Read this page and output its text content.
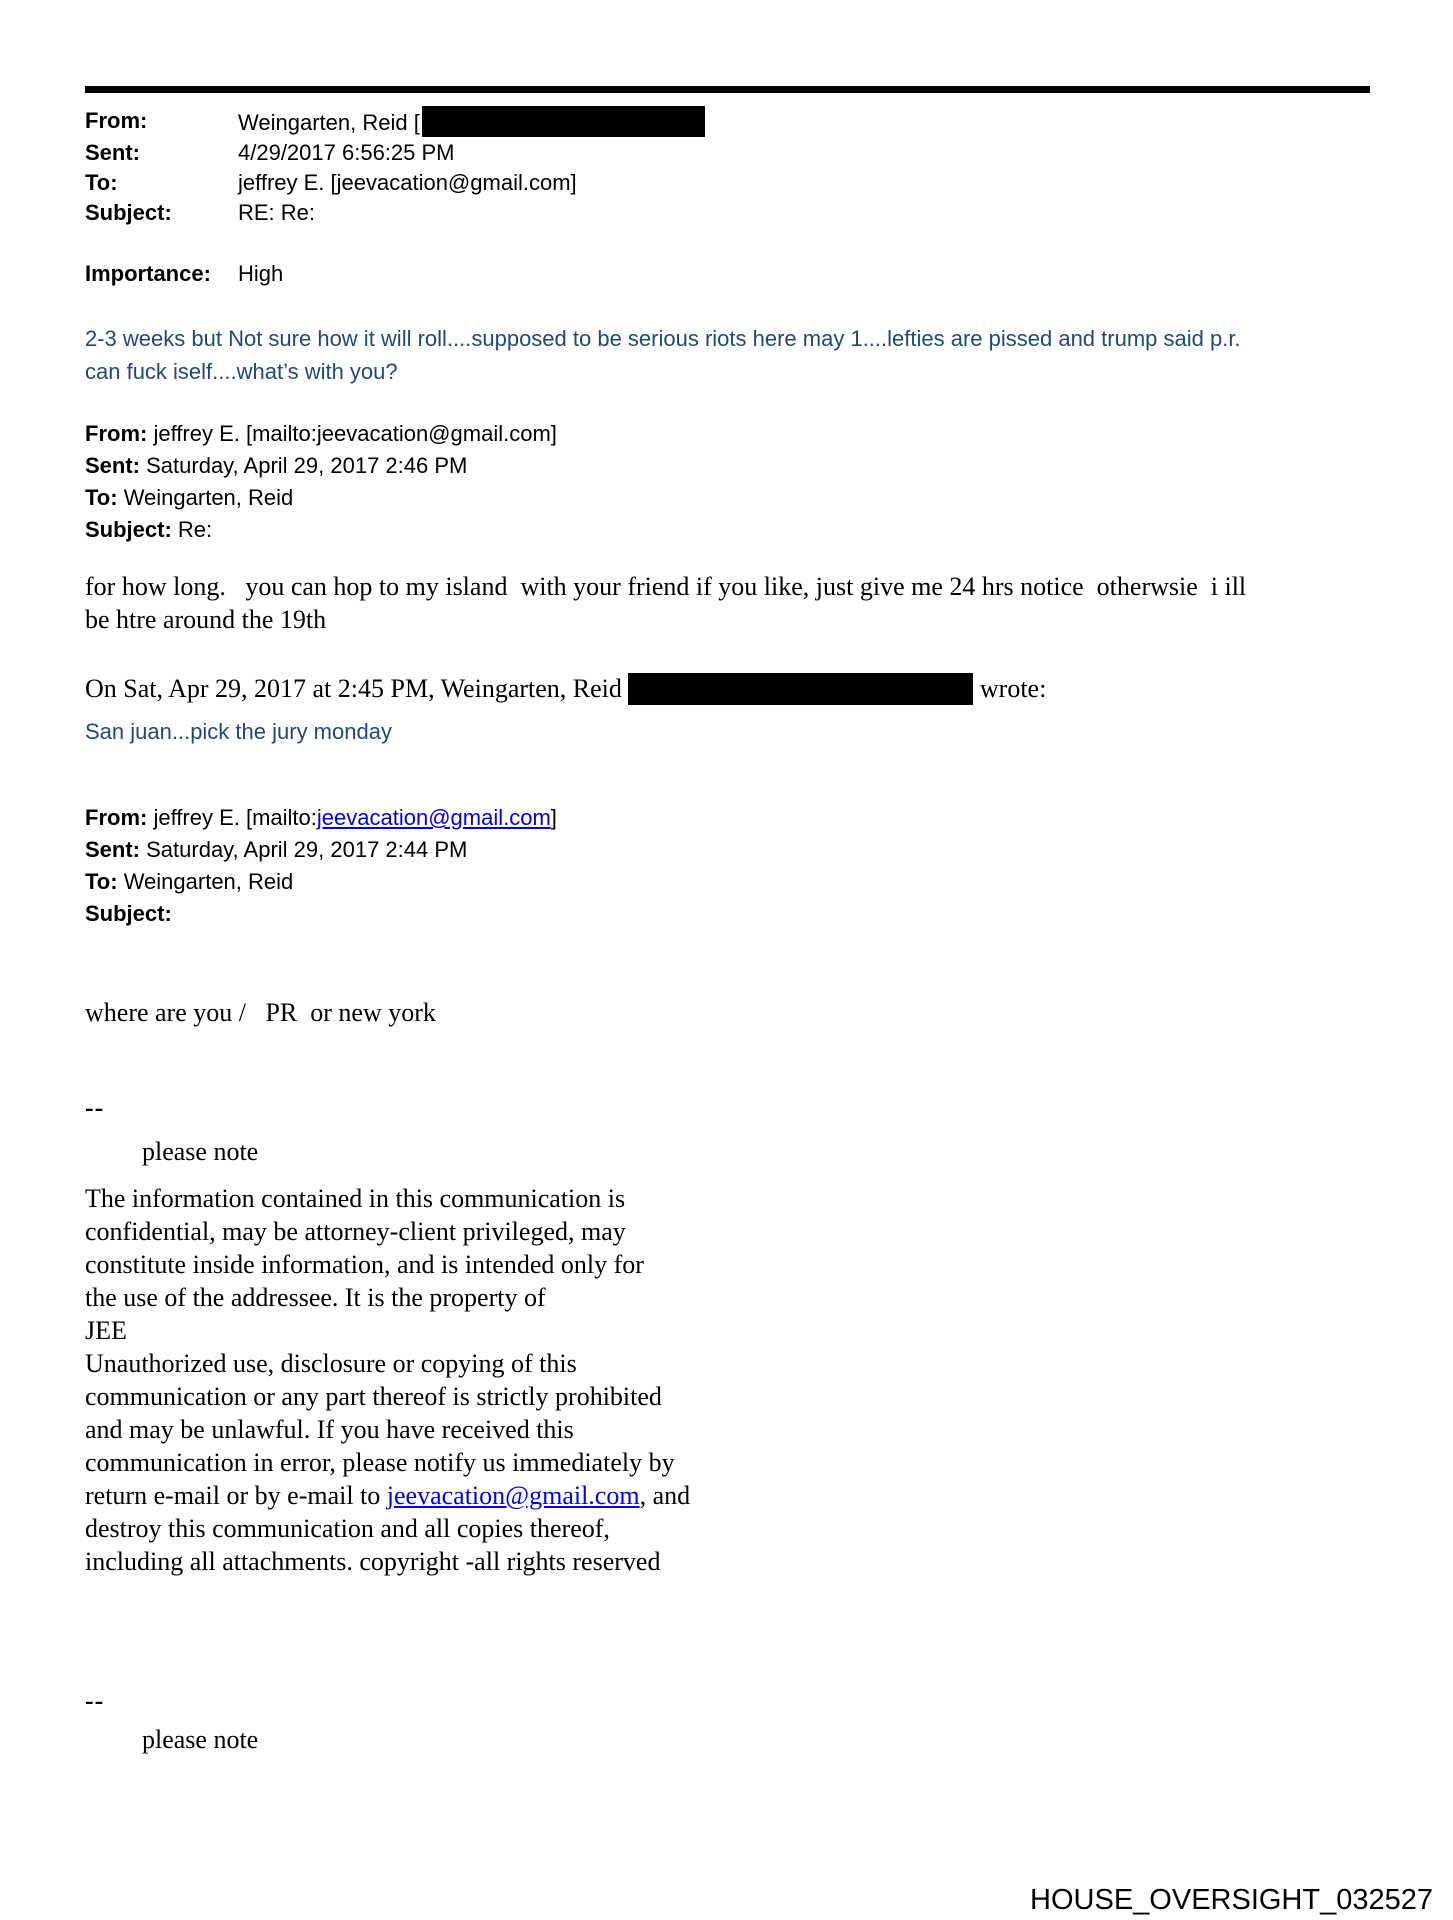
From:	Weingarten, Reid [
Sent:	4/29/2017 6:56:25 PM
To:	jeffrey E. [jeevacation@gmail.com]
Subject:	RE: Re:
Importance:	High
2-3 weeks but Not sure how it will roll....supposed to be serious riots here may 1....lefties are pissed and trump said p.r.
can fuck iself....what’s with you?
From: jeffrey E. [mailto:jeevacation@gmail.com]
Sent: Saturday, April 29, 2017 2:46 PM
To: Weingarten, Reid
Subject: Re:
for how long.   you can hop to my island  with your friend if you like, just give me 24 hrs notice  otherwsie  i ill
be htre around the 19th
On Sat, Apr 29, 2017 at 2:45 PM, Weingarten, Reid	wrote:
San juan...pick the jury monday
From: jeffrey E. [mailto:jeevacation@gmail.com]
Sent: Saturday, April 29, 2017 2:44 PM
To: Weingarten, Reid
Subject:
where are you /   PR  or new york
--
please note
The information contained in this communication is
confidential, may be attorney-client privileged, may
constitute inside information, and is intended only for
the use of the addressee. It is the property of
JEE
Unauthorized use, disclosure or copying of this
communication or any part thereof is strictly prohibited
and may be unlawful. If you have received this
communication in error, please notify us immediately by
return e-mail or by e-mail to jeevacation@gmail.com, and
destroy this communication and all copies thereof,
including all attachments. copyright -all rights reserved
--
please note
HOUSE_OVERSIGHT_032527
